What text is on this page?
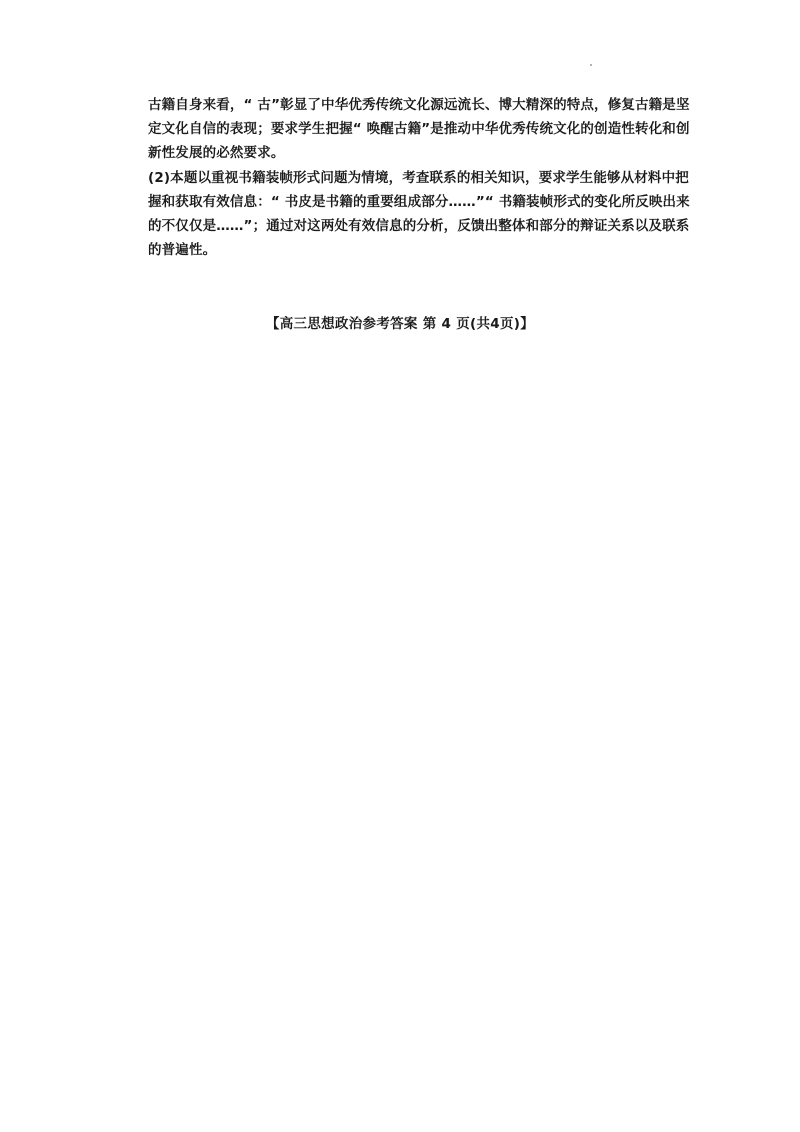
古籍自身来看，“ 古”彰显了中华优秀传统文化源远流长、博大精深的特点，修复古籍是坚
定文化自信的表现；要求学生把握“ 唤醒古籍”是推动中华优秀传统文化的创造性转化和创
新性发展的必然要求。
(2)本题以重视书籍装帧形式问题为情境，考查联系的相关知识，要求学生能够从材料中把
握和获取有效信息：“ 书皮是书籍的重要组成部分……”“ 书籍装帧形式的变化所反映出来
的不仅仅是……”；通过对这两处有效信息的分析，反馈出整体和部分的辩证关系以及联系
的普遍性。
【高三思想政治参考答案 第 4 页(共4页)】
